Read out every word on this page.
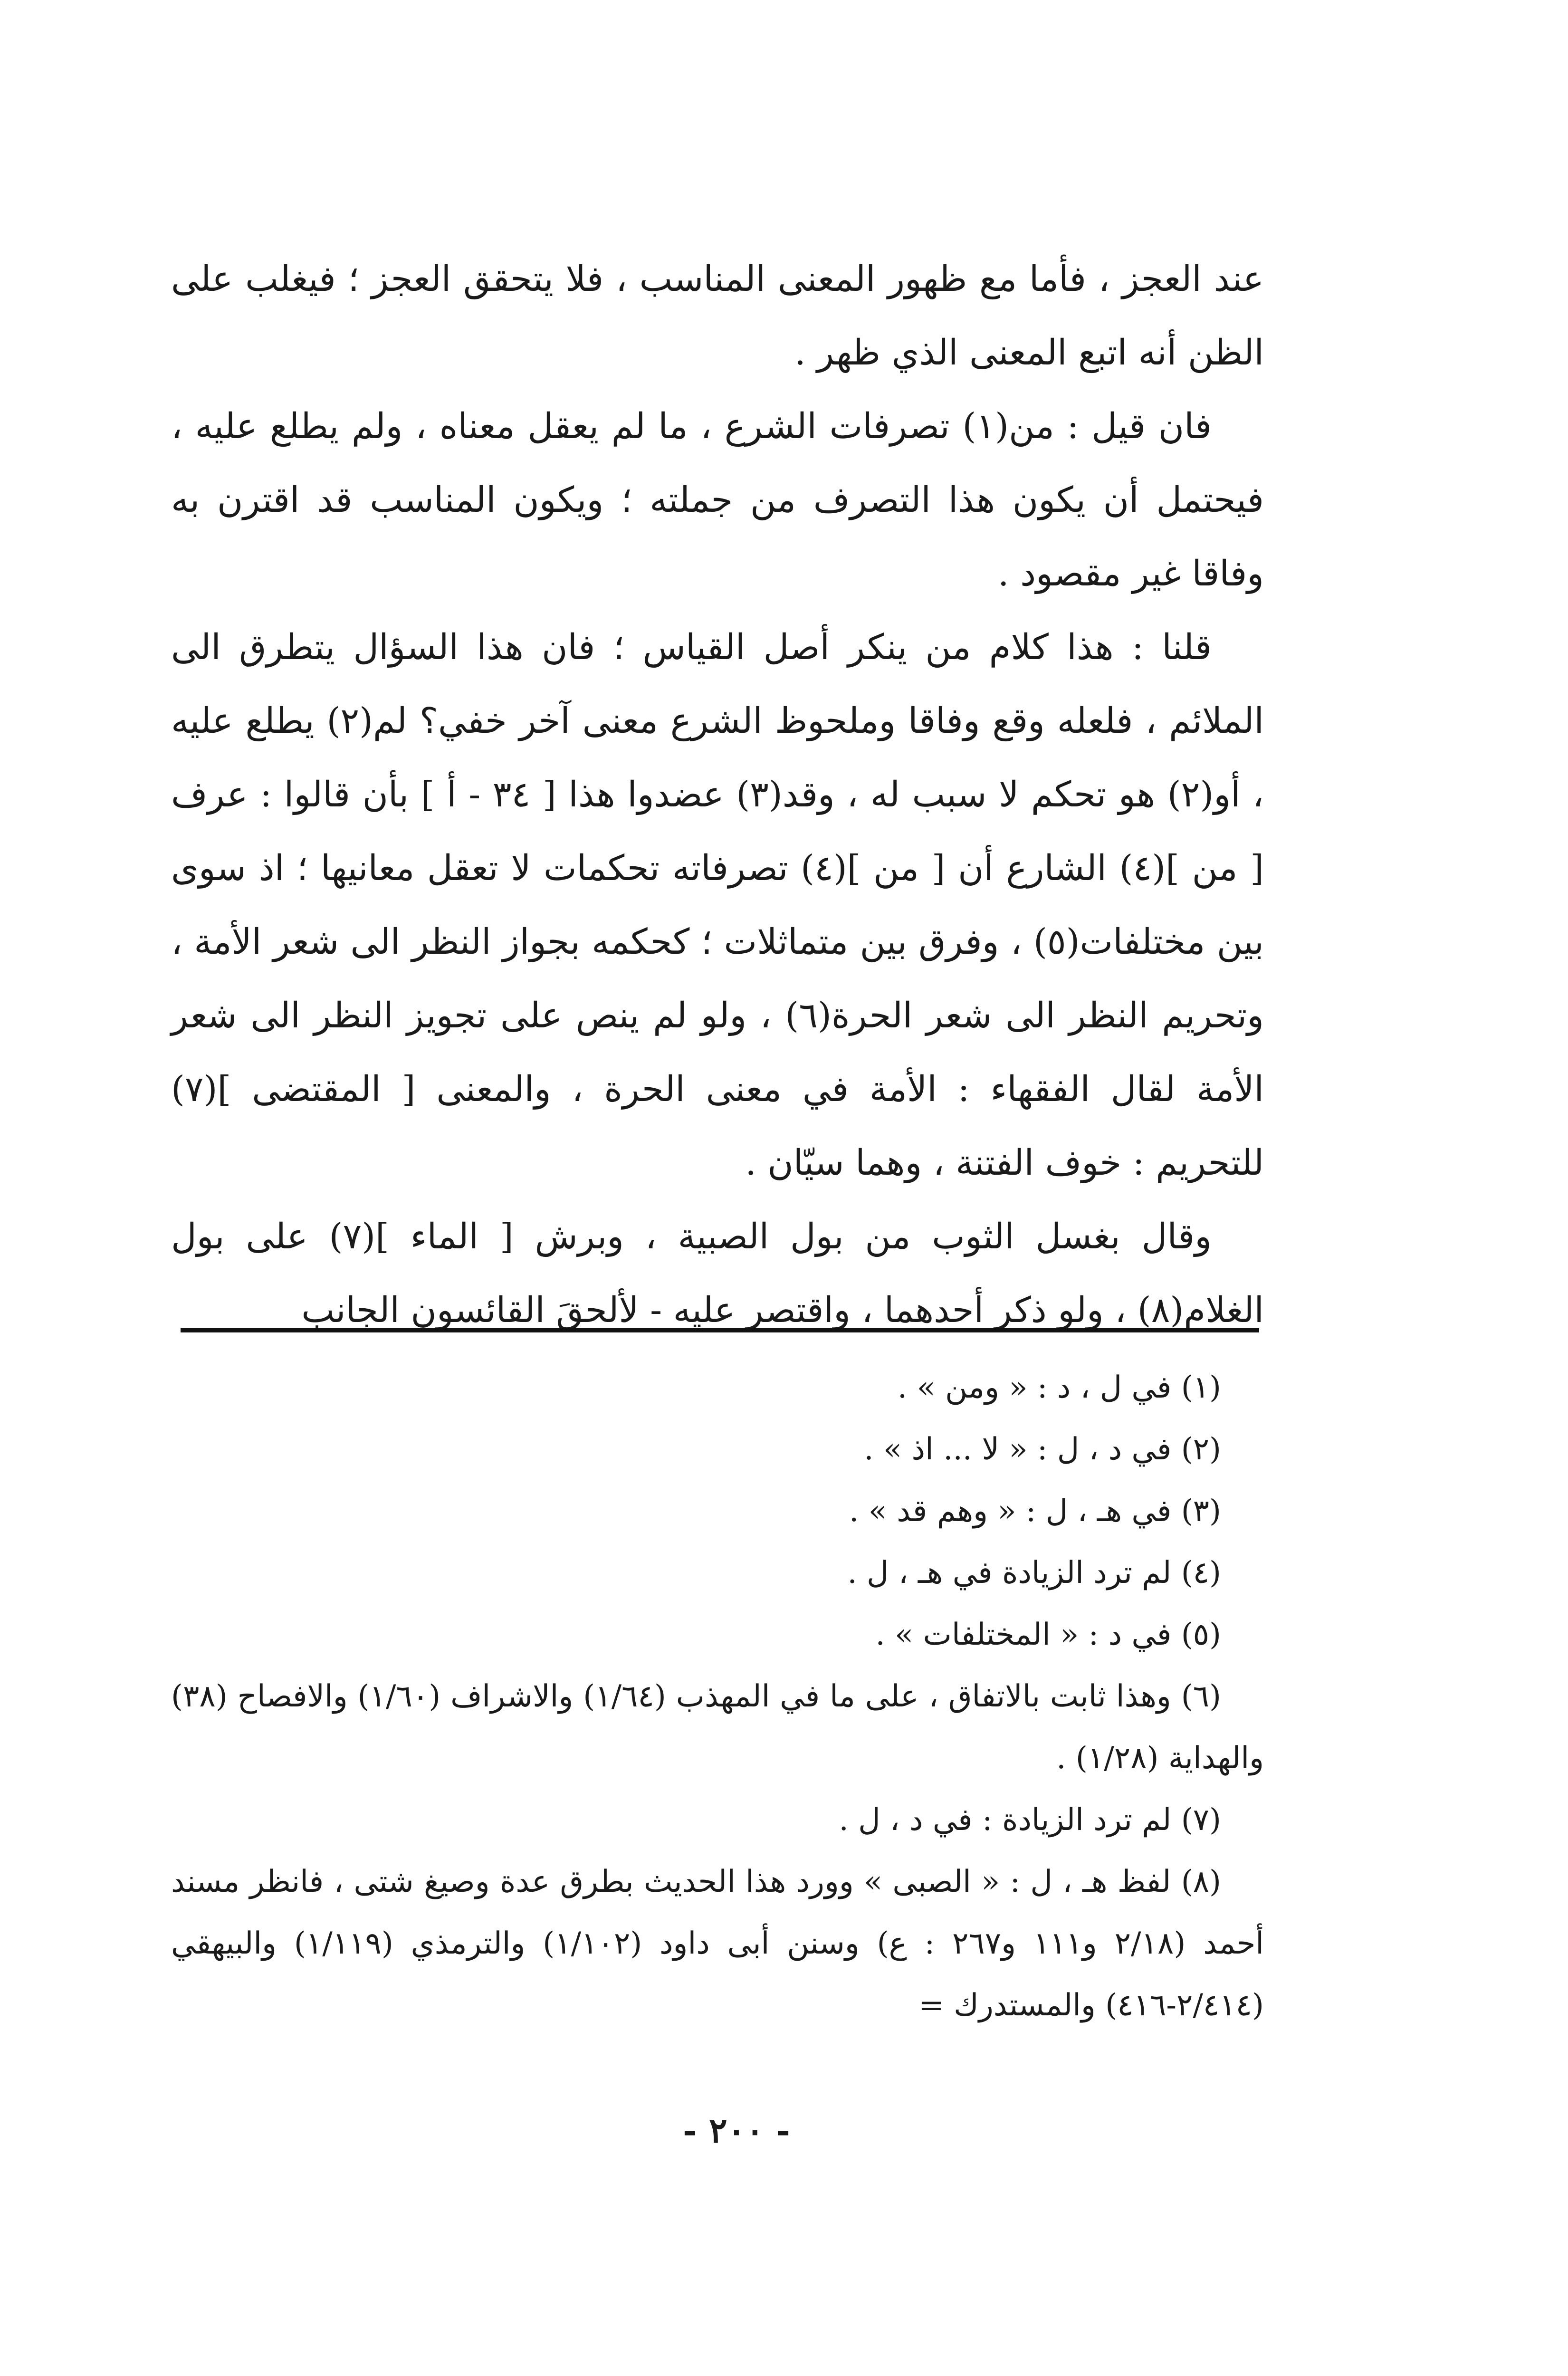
عند العجز ، فأما مع ظهور المعنى المناسب ، فلا يتحقق العجز ؛ فيغلب على الظن أنه اتبع المعنى الذي ظهر .

فان قيل : من(١) تصرفات الشرع ، ما لم يعقل معناه ، ولم يطلع عليه ، فيحتمل أن يكون هذا التصرف من جملته ؛ ويكون المناسب قد اقترن به وفاقا غير مقصود .

قلنا : هذا كلام من ينكر أصل القياس ؛ فان هذا السؤال يتطرق الى الملائم ، فلعله وقع وفاقا وملحوظ الشرع معنى آخر خفي؟ لم(٢) يطلع عليه ، أو(٢) هو تحكم لا سبب له ، وقد(٣) عضدوا هذا [ ٣٤ - أ ] بأن قالوا : عرف [ من ](٤) الشارع أن [ من ](٤) تصرفاته تحكمات لا تعقل معانيها ؛ اذ سوى بين مختلفات(٥) ، وفرق بين متماثلات ؛ كحكمه بجواز النظر الى شعر الأمة ، وتحريم النظر الى شعر الحرة(٦) ، ولو لم ينص على تجويز النظر الى شعر الأمة لقال الفقهاء : الأمة في معنى الحرة ، والمعنى [ المقتضى ](٧) للتحريم : خوف الفتنة ، وهما سيّان .

وقال بغسل الثوب من بول الصبية ، وبرش [ الماء ](٧) على بول الغلام(٨) ، ولو ذكر أحدهما ، واقتصر عليه - لألحقَ القائسون الجانب

(١) في ل ، د : « ومن » .

(٢) في د ، ل : « لا ... اذ » .

(٣) في هـ ، ل : « وهم قد » .

(٤) لم ترد الزيادة في هـ ، ل .

(٥) في د : « المختلفات » .

(٦) وهذا ثابت بالاتفاق ، على ما في المهذب (١/٦٤) والاشراف (١/٦٠) والافصاح (٣٨) والهداية (١/٢٨) .

(٧) لم ترد الزيادة : في د ، ل .

(٨) لفظ هـ ، ل : « الصبى » وورد هذا الحديث بطرق عدة وصيغ شتى ، فانظر مسند أحمد (٢/١٨ و١١١ و٢٦٧ : ع) وسنن أبى داود (١/١٠٢) والترمذي (١/١١٩) والبيهقي (٢/٤١٤-٤١٦) والمستدرك =

- ٢٠٠ -
